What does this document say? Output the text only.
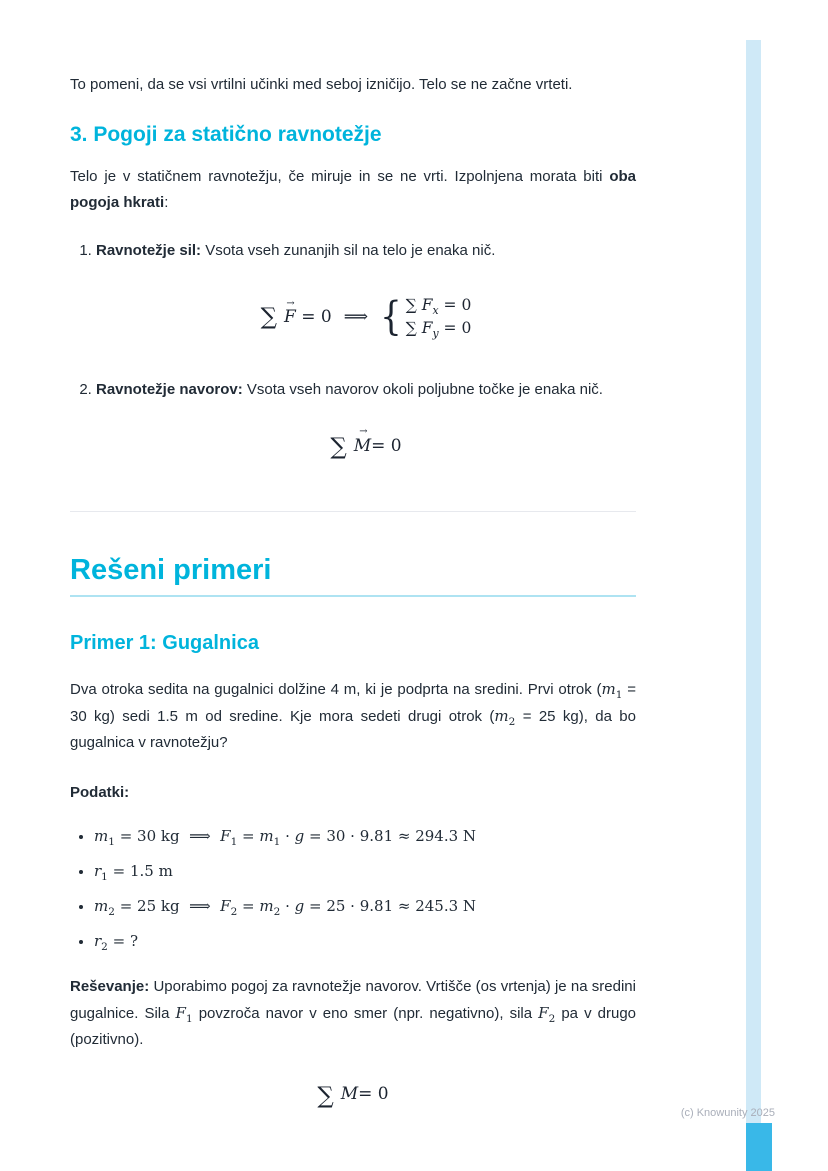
To pomeni, da se vsi vrtilni učinki med seboj izničijo. Telo se ne začne vrteti.

3. Pogoji za statično ravnotežje

Telo je v statičnem ravnotežju, če miruje in se ne vrti. Izpolnjena morata biti oba pogoja hkrati:

1. Ravnotežje sil: Vsota vseh zunanjih sil na telo je enaka nič.
∑
→
F = 0 ⟹ { ∑ $F_x = 0$
∑ $F_y = 0$
2. Ravnotežje navorov: Vsota vseh navorov okoli poljubne točke je enaka nič.
∑
→
M = 0
Rešeni primeri
Primer 1: Gugalnica

Dva otroka sedita na gugalnici dolžine 4 m, ki je podprta na sredini. Prvi otrok ($m_1 = 30$ kg) sedi 1.5 m od sredine. Kje mora sedeti drugi otrok ($m_2 = 25$ kg), da bo gugalnica v ravnotežju?

Podatki:

• $m_1 = 30$ kg  ⟹  $F_1 = m_1 \cdot g = 30 \cdot 9.81 \approx 294.3$ N
• $r_1 = 1.5$ m
• $m_2 = 25$ kg  ⟹  $F_2 = m_2 \cdot g = 25 \cdot 9.81 \approx 245.3$ N
• $r_2$ = ?

Reševanje: Uporabimo pogoj za ravnotežje navorov. Vrtišče (os vrtenja) je na sredini gugalnice. Sila $F_1$ povzroča navor v eno smer (npr. negativno), sila $F_2$ pa v drugo (pozitivno).

∑ M = 0
(c) Knowunity 2025
